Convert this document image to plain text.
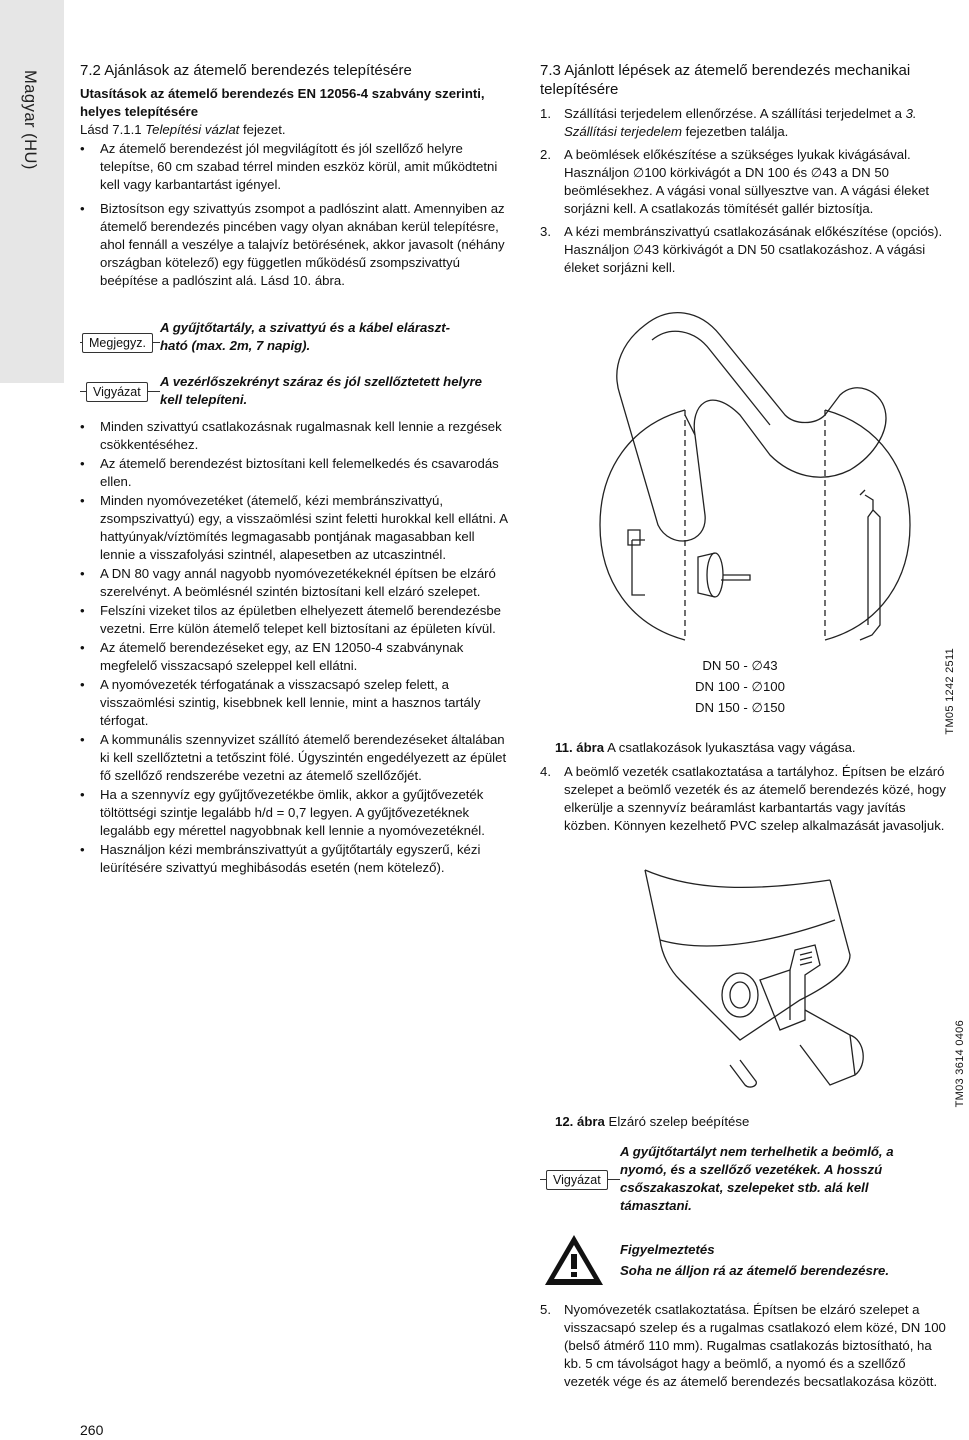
Magyar (HU)	7.2 Ajánlások az átemelő berendezés telepítésére

Utasítások az átemelő berendezés EN 12056-4 szabvány szerinti, helyes telepítésére

Lásd 7.1.1 Telepítési vázlat fejezet.

• Az átemelő berendezést jól megvilágított és jól szellőző helyre telepítse, 60 cm szabad térrel minden eszköz körül, amit működtetni kell vagy karbantartást igényel.
• Biztosítson egy szivattyús zsompot a padlószint alatt. Amennyiben az átemelő berendezés pincében vagy olyan aknában kerül telepítésre, ahol fennáll a veszélye a talajvíz betörésének, akkor javasolt (néhány országban kötelező) egy független működésű zsompszivattyú beépítése a padlószint alá. Lásd 10. ábra.
Megjegyz.
A gyűjtőtartály, a szivattyú és a kábel elárasztható (max. 2m, 7 napig).
Vigyázat
A vezérlőszekrényt száraz és jól szellőztetett helyre kell telepíteni.
• Minden szivattyú csatlakozásnak rugalmasnak kell lennie a rezgések csökkentéséhez.
• Az átemelő berendezést biztosítani kell felemelkedés és csavarodás ellen.
• Minden nyomóvezetéket (átemelő, kézi membránszivattyú, zsompszivattyú) egy, a visszaömlési szint feletti hurokkal kell ellátni. A hattyúnyak/víztömítés legmagasabb pontjának magasabban kell lennie a visszafolyási szintnél, alapesetben az utcaszintnél.
• A DN 80 vagy annál nagyobb nyomóvezetékeknél építsen be elzáró szerelvényt. A beömlésnél szintén biztosítani kell elzáró szelepet.
• Felszíni vizeket tilos az épületben elhelyezett átemelő berendezésbe vezetni. Erre külön átemelő telepet kell biztosítani az épületen kívül.
• Az átemelő berendezéseket egy, az EN 12050-4 szabványnak megfelelő visszacsapó szeleppel kell ellátni.
• A nyomóvezeték térfogatának a visszacsapó szelep felett, a visszaömlési szintig, kisebbnek kell lennie, mint a hasznos tartály térfogat.
• A kommunális szennyvizet szállító átemelő berendezéseket általában ki kell szellőztetni a tetőszint fölé. Úgyszintén engedélyezett az épület fő szellőző rendszerébe vezetni az átemelő szellőzőjét.
• Ha a szennyvíz egy gyűjtővezetékbe ömlik, akkor a gyűjtővezeték töltöttségi szintje legalább h/d = 0,7 legyen. A gyűjtővezetéknek legalább egy mérettel nagyobbnak kell lennie a nyomóvezetéknél.
• Használjon kézi membránszivattyút a gyűjtőtartály egyszerű, kézi leürítésére szivattyú meghibásodás esetén (nem kötelező).
7.3 Ajánlott lépések az átemelő berendezés mechanikai telepítésére
1. Szállítási terjedelem ellenőrzése. A szállítási terjedelmet a 3. Szállítási terjedelem fejezetben találja.
2. A beömlések előkészítése a szükséges lyukak kivágásával. Használjon ∅100 körkivágót a DN 100 és ∅43 a DN 50 beömlésekhez. A vágási vonal süllyesztve van. A vágási éleket sorjázni kell. A csatlakozás tömítését gallér biztosítja.
3. A kézi membránszivattyú csatlakozásának előkészítése (opciós). Használjon ∅43 körkivágót a DN 50 csatlakozáshoz. A vágási éleket sorjázni kell.
DN 50 - ∅43
DN 100 - ∅100
DN 150 - ∅150	TM05 1242 2511
11. ábra A csatlakozások lyukasztása vagy vágása.
4. A beömlő vezeték csatlakoztatása a tartályhoz. Építsen be elzáró szelepet a beömlő vezeték és az átemelő berendezés közé, hogy elkerülje a szennyvíz beáramlást karbantartás vagy javítás közben. Könnyen kezelhető PVC szelep alkalmazását javasoljuk.
TM03 3614 0406
12. ábra Elzáró szelep beépítése
Vigyázat
A gyűjtőtartályt nem terhelhetik a beömlő, a nyomó, és a szellőző vezetékek. A hosszú csőszakaszokat, szelepeket stb. alá kell támasztani.
Figyelmeztetés
Soha ne álljon rá az átemelő berendezésre.
5. Nyomóvezeték csatlakoztatása. Építsen be elzáró szelepet a visszacsapó szelep és a rugalmas csatlakozó elem közé, DN 100 (belső átmérő 110 mm). Rugalmas csatlakozás biztosítható, ha kb. 5 cm távolságot hagy a beömlő, a nyomó és a szellőző vezeték vége és az átemelő berendezés becsatlakozása között.
260
